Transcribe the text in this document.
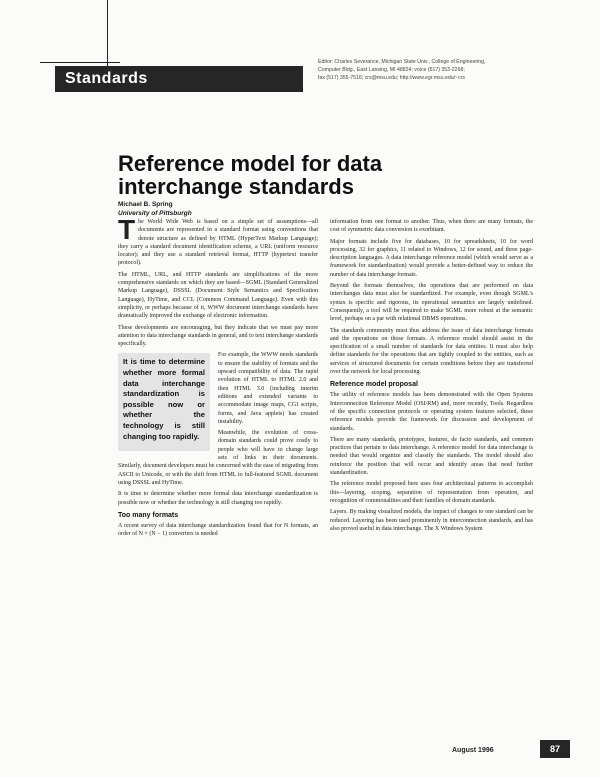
Standards
Editor: Charles Severance, Michigan State Univ., College of Engineering,
Computer Bldg., East Lansing, MI 48824; voice (517) 353-2268;
fax (517) 355-7516; crs@msu.edu; http://www.egr.msu.edu/~crs
Reference model for data interchange standards
Michael B. Spring
University of Pittsburgh

The World Wide Web is based on a simple set of assumptions—all documents are represented in a standard format using conventions that denote structure as defined by HTML (HyperText Markup Language); they carry a standard document identification scheme, a URL (uniform resource locator); and they use a standard retrieval format, HTTP (hypertext transfer protocol).

The HTML, URL, and HTTP standards are simplifications of the more comprehensive standards on which they are based—SGML (Standard Generalized Markup Language), DSSSL (Document Style Semantics and Specification Language), HyTime, and CCL (Common Command Language). Even with this simplicity, or perhaps because of it, WWW document interchange standards have dramatically improved the exchange of electronic information.

These developments are encouraging, but they indicate that we must pay more attention to data interchange standards in general, and to text interchange standards specifically.

It is time to determine whether more formal data interchange standardization is possible now or whether the technology is still changing too rapidly.
For example, the WWW needs standards to ensure the stability of formats and the upward compatibility of data. The rapid evolution of HTML to HTML 2.0 and then HTML 3.0 (including interim editions and extended variants to accommodate image maps, CGI scripts, forms, and Java applets) has created instability.

Meanwhile, the evolution of cross-domain standards could prove costly to people who will have to change large sets of links in their documents. Similarly, document developers must be concerned with the ease of migrating from ASCII to Unicode, or with the shift from HTML to full-featured SGML document using DSSSL and HyTime.

It is time to determine whether more formal data interchange standardization is possible now or whether the technology is still changing too rapidly.

Too many formats

A recent survey of data interchange standardization found that for N formats, an order of N × (N − 1) converters is needed

information from one format to another. Thus, when there are many formats, the cost of symmetric data conversion is exorbitant.

Major formats include five for databases, 10 for spreadsheets, 10 for word processing, 32 for graphics, 11 related to Windows, 12 for sound, and three page-description languages. A data interchange reference model (which would serve as a framework for standardization) would provide a better-defined way to reduce the number of data interchange formats.

Beyond the formats themselves, the operations that are performed on data interchanges data must also be standardized. For example, even though SGML's syntax is specific and rigorous, its operational semantics are largely undefined. Consequently, a tool will be required to make SGML more robust at the semantic level, perhaps on a par with relational DBMS operations.

The standards community must thus address the issue of data interchange formats and the operations on those formats. A reference model should assist in the specification of a small number of standards for data entities. It must also help define standards for the operations that are tightly coupled to the entities, such as services of structured documents for certain conditions before they are transferred over the network for local processing.

Reference model proposal

The utility of reference models has been demonstrated with the Open Systems Interconnection Reference Model (OSI/RM) and, more recently, Tools. Regardless of the specific connection protocols or operating system features selected, these reference models provide the framework for discussion and development of standards.

There are many standards, prototypes, features, de facto standards, and common practices that pertain to data interchange. A reference model for data interchange is needed that would organize and classify the standards. The model should also reinforce the position that will occur and identify areas that need further standardization.

The reference model proposed here uses four architectural patterns to accomplish this—layering, scoping, separation of representation from operation, and recognition of commonalities and their families of domain standards.

Layers. By making visualized models, the impact of changes to one standard can be reduced. Layering has been used prominently in interconnection standards, and has also proved useful in data interchange. The X Windows System

August 1996	87
